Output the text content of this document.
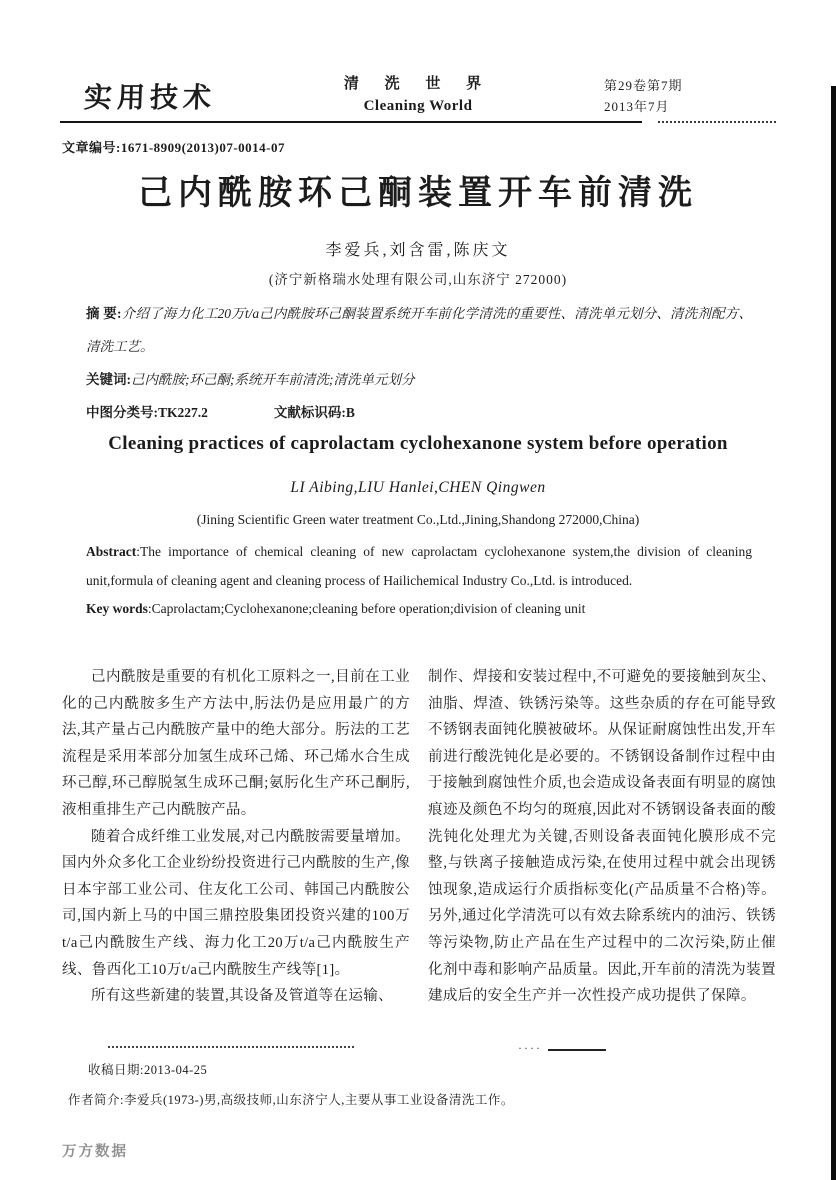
实用技术	清 洗 世 界
Cleaning World
第29卷第7期
2013年7月
文章编号:1671-8909(2013)07-0014-07
己内酰胺环己酮装置开车前清洗
李爱兵,刘含雷,陈庆文
(济宁新格瑞水处理有限公司,山东济宁 272000)

摘 要:介绍了海力化工20万t/a己内酰胺环己酮装置系统开车前化学清洗的重要性、清洗单元划分、清洗剂配方、清洗工艺。

关键词:己内酰胺;环己酮;系统开车前清洗;清洗单元划分

中图分类号:TK227.2	文献标识码:B

Cleaning practices of caprolactam cyclohexanone system before operation
LI Aibing,LIU Hanlei,CHEN Qingwen
(Jining Scientific Green water treatment Co.,Ltd.,Jining,Shandong 272000,China)

Abstract:The importance of chemical cleaning of new caprolactam cyclohexanone system,the division of cleaning unit,formula of cleaning agent and cleaning process of Hailichemical Industry Co.,Ltd. is introduced.

Key words:Caprolactam;Cyclohexanone;cleaning before operation;division of cleaning unit

己内酰胺是重要的有机化工原料之一,目前在工业化的己内酰胺多生产方法中,肟法仍是应用最广的方法,其产量占己内酰胺产量中的绝大部分。肟法的工艺流程是采用苯部分加氢生成环己烯、环己烯水合生成环己醇,环己醇脱氢生成环己酮;氨肟化生产环己酮肟,液相重排生产己内酰胺产品。

随着合成纤维工业发展,对己内酰胺需要量增加。国内外众多化工企业纷纷投资进行己内酰胺的生产,像日本宇部工业公司、住友化工公司、韩国己内酰胺公司,国内新上马的中国三鼎控股集团投资兴建的100万t/a己内酰胺生产线、海力化工20万t/a己内酰胺生产线、鲁西化工10万t/a己内酰胺生产线等[1]。

所有这些新建的装置,其设备及管道等在运输、

制作、焊接和安装过程中,不可避免的要接触到灰尘、油脂、焊渣、铁锈污染等。这些杂质的存在可能导致不锈钢表面钝化膜被破坏。从保证耐腐蚀性出发,开车前进行酸洗钝化是必要的。不锈钢设备制作过程中由于接触到腐蚀性介质,也会造成设备表面有明显的腐蚀痕迹及颜色不均匀的斑痕,因此对不锈钢设备表面的酸洗钝化处理尤为关键,否则设备表面钝化膜形成不完整,与铁离子接触造成污染,在使用过程中就会出现锈蚀现象,造成运行介质指标变化(产品质量不合格)等。另外,通过化学清洗可以有效去除系统内的油污、铁锈等污染物,防止产品在生产过程中的二次污染,防止催化剂中毒和影响产品质量。因此,开车前的清洗为装置建成后的安全生产并一次性投产成功提供了保障。

····
收稿日期:2013-04-25
作者简介:李爱兵(1973-)男,高级技师,山东济宁人,主要从事工业设备清洗工作。
万方数据
